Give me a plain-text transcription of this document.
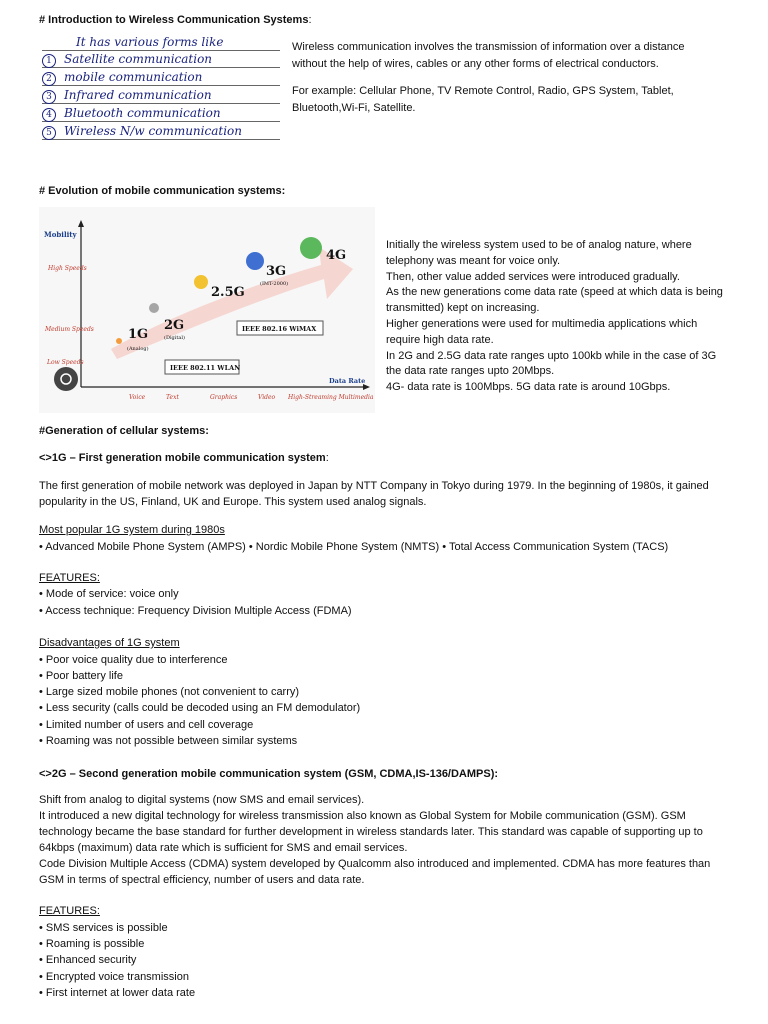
# Introduction to Wireless Communication Systems:
It has various forms like
1 Satellite communication
2 mobile communication
3 Infrared communication
4 Bluetooth communication
5 Wireless N/w communication
Wireless communication involves the transmission of information over a distance
without the help of wires, cables or any other forms of electrical conductors.
For example: Cellular Phone, TV Remote Control, Radio, GPS System, Tablet,
Bluetooth,Wi-Fi, Satellite.
# Evolution of mobile communication systems:
Mobility
Data Rate
High Speeds
Medium Speeds
Low Speeds
Voice	Text	Graphics	Video High-Streaming Multimedia
1G
(Analog)
2G
(Digital)
2.5G
3G
(IMT-2000)
4G
IEEE 802.16 WiMAX
IEEE 802.11 WLAN
Initially the wireless system used to be of analog nature, where
telephony was meant for voice only.
Then, other value added services were introduced gradually.
As the new generations come data rate (speed at which data is being
transmitted) kept on increasing.
Higher generations were used for multimedia applications which
require high data rate.
In 2G and 2.5G data rate ranges upto 100kb while in the case of 3G
the data rate ranges upto 20Mbps.
4G- data rate is 100Mbps. 5G data rate is around 10Gbps.
#Generation of cellular systems:
<>1G – First generation mobile communication system:
The first generation of mobile network was deployed in Japan by NTT Company in Tokyo during 1979. In the beginning of 1980s, it gained
popularity in the US, Finland, UK and Europe. This system used analog signals.
Most popular 1G system during 1980s
• Advanced Mobile Phone System (AMPS) • Nordic Mobile Phone System (NMTS) • Total Access Communication System (TACS)
FEATURES:
• Mode of service: voice only
• Access technique: Frequency Division Multiple Access (FDMA)
Disadvantages of 1G system
• Poor voice quality due to interference
• Poor battery life
• Large sized mobile phones (not convenient to carry)
• Less security (calls could be decoded using an FM demodulator)
• Limited number of users and cell coverage
• Roaming was not possible between similar systems
<>2G – Second generation mobile communication system (GSM, CDMA,IS-136/DAMPS):
Shift from analog to digital systems (now SMS and email services).
It introduced a new digital technology for wireless transmission also known as Global System for Mobile communication (GSM). GSM
technology became the base standard for further development in wireless standards later. This standard was capable of supporting up to
64kbps (maximum) data rate which is sufficient for SMS and email services.
Code Division Multiple Access (CDMA) system developed by Qualcomm also introduced and implemented. CDMA has more features than
GSM in terms of spectral efficiency, number of users and data rate.
FEATURES:
• SMS services is possible
• Roaming is possible
• Enhanced security
• Encrypted voice transmission
• First internet at lower data rate
